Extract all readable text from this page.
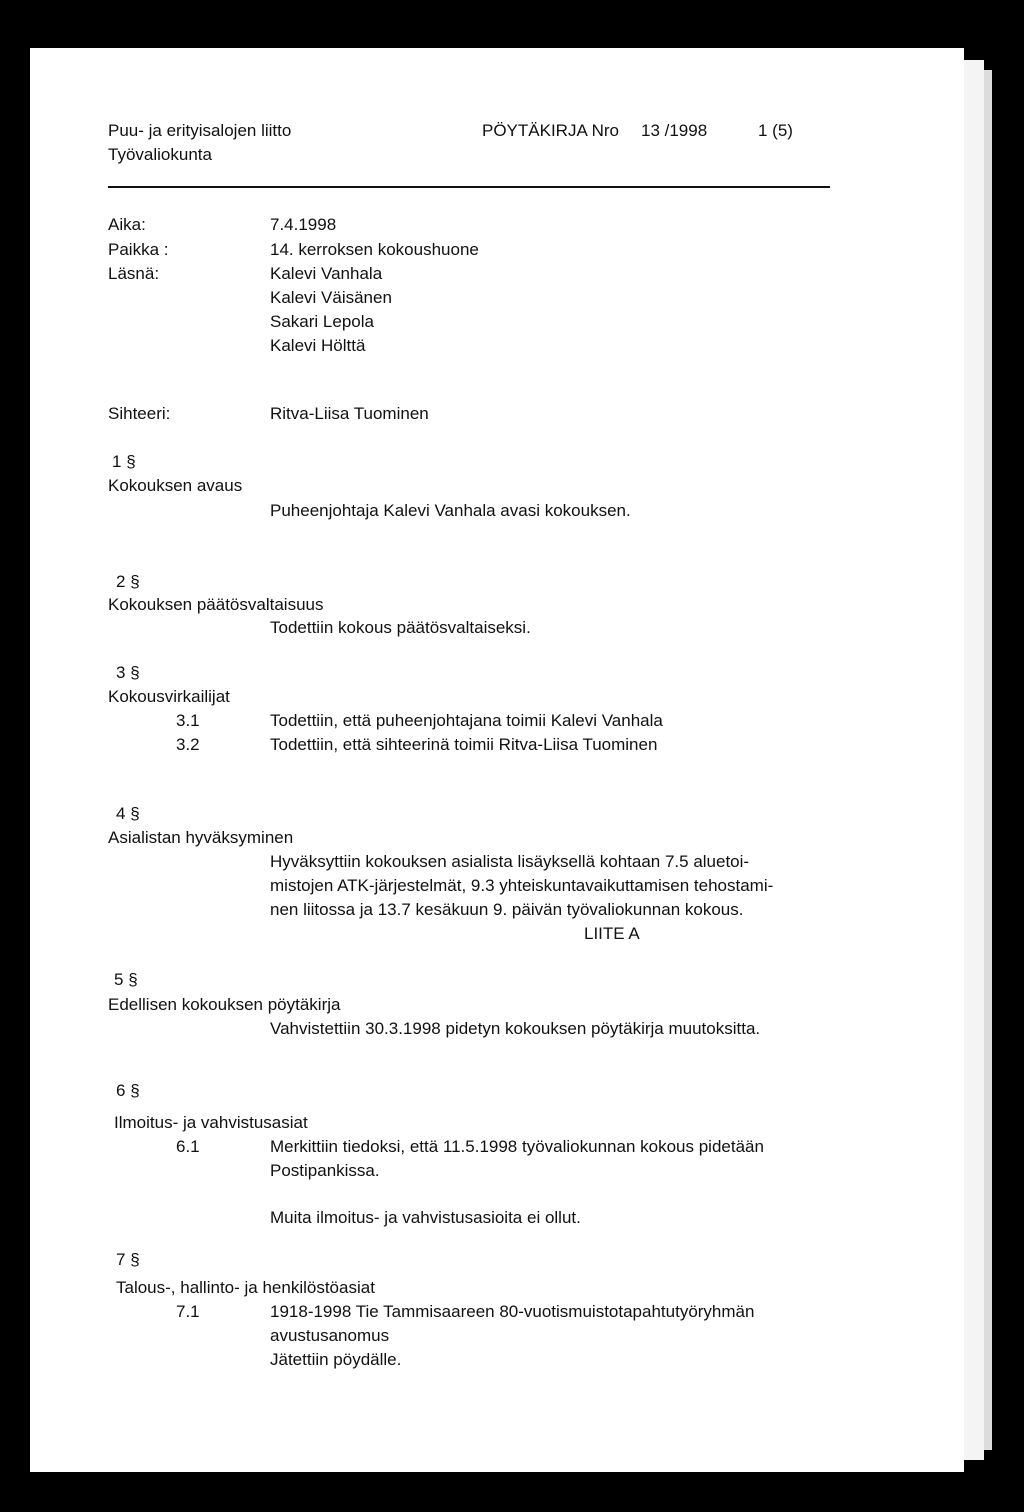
Puu- ja erityisalojen liitto
Työvaliokunta
PÖYTÄKIRJA Nro 13 /1998	1 (5)
Aika:	7.4.1998
Paikka :	14. kerroksen kokoushuone
Läsnä:	Kalevi Vanhala
Kalevi Väisänen
Sakari Lepola
Kalevi Hölttä
Sihteeri:	Ritva-Liisa Tuominen
1 §
Kokouksen avaus
Puheenjohtaja Kalevi Vanhala avasi kokouksen.
2 §
Kokouksen päätösvaltaisuus
Todettiin kokous päätösvaltaiseksi.
3 §
Kokousvirkailijat
3.1	Todettiin, että puheenjohtajana toimii Kalevi Vanhala
3.2	Todettiin, että sihteerinä toimii Ritva-Liisa Tuominen
4 §
Asialistan hyväksyminen
Hyväksyttiin kokouksen asialista lisäyksellä kohtaan 7.5 aluetoi-
mistojen ATK-järjestelmät, 9.3 yhteiskuntavaikuttamisen tehostami-
nen liitossa ja 13.7 kesäkuun 9. päivän työvaliokunnan kokous.
LIITE A
5 §
Edellisen kokouksen pöytäkirja
Vahvistettiin 30.3.1998 pidetyn kokouksen pöytäkirja muutoksitta.
6 §
Ilmoitus- ja vahvistusasiat
6.1	Merkittiin tiedoksi, että 11.5.1998 työvaliokunnan kokous pidetään
Postipankissa.
Muita ilmoitus- ja vahvistusasioita ei ollut.
7 §
Talous-, hallinto- ja henkilöstöasiat
7.1	1918-1998 Tie Tammisaareen 80-vuotismuistotapahtutyöryhmän
avustusanomus
Jätettiin pöydälle.
